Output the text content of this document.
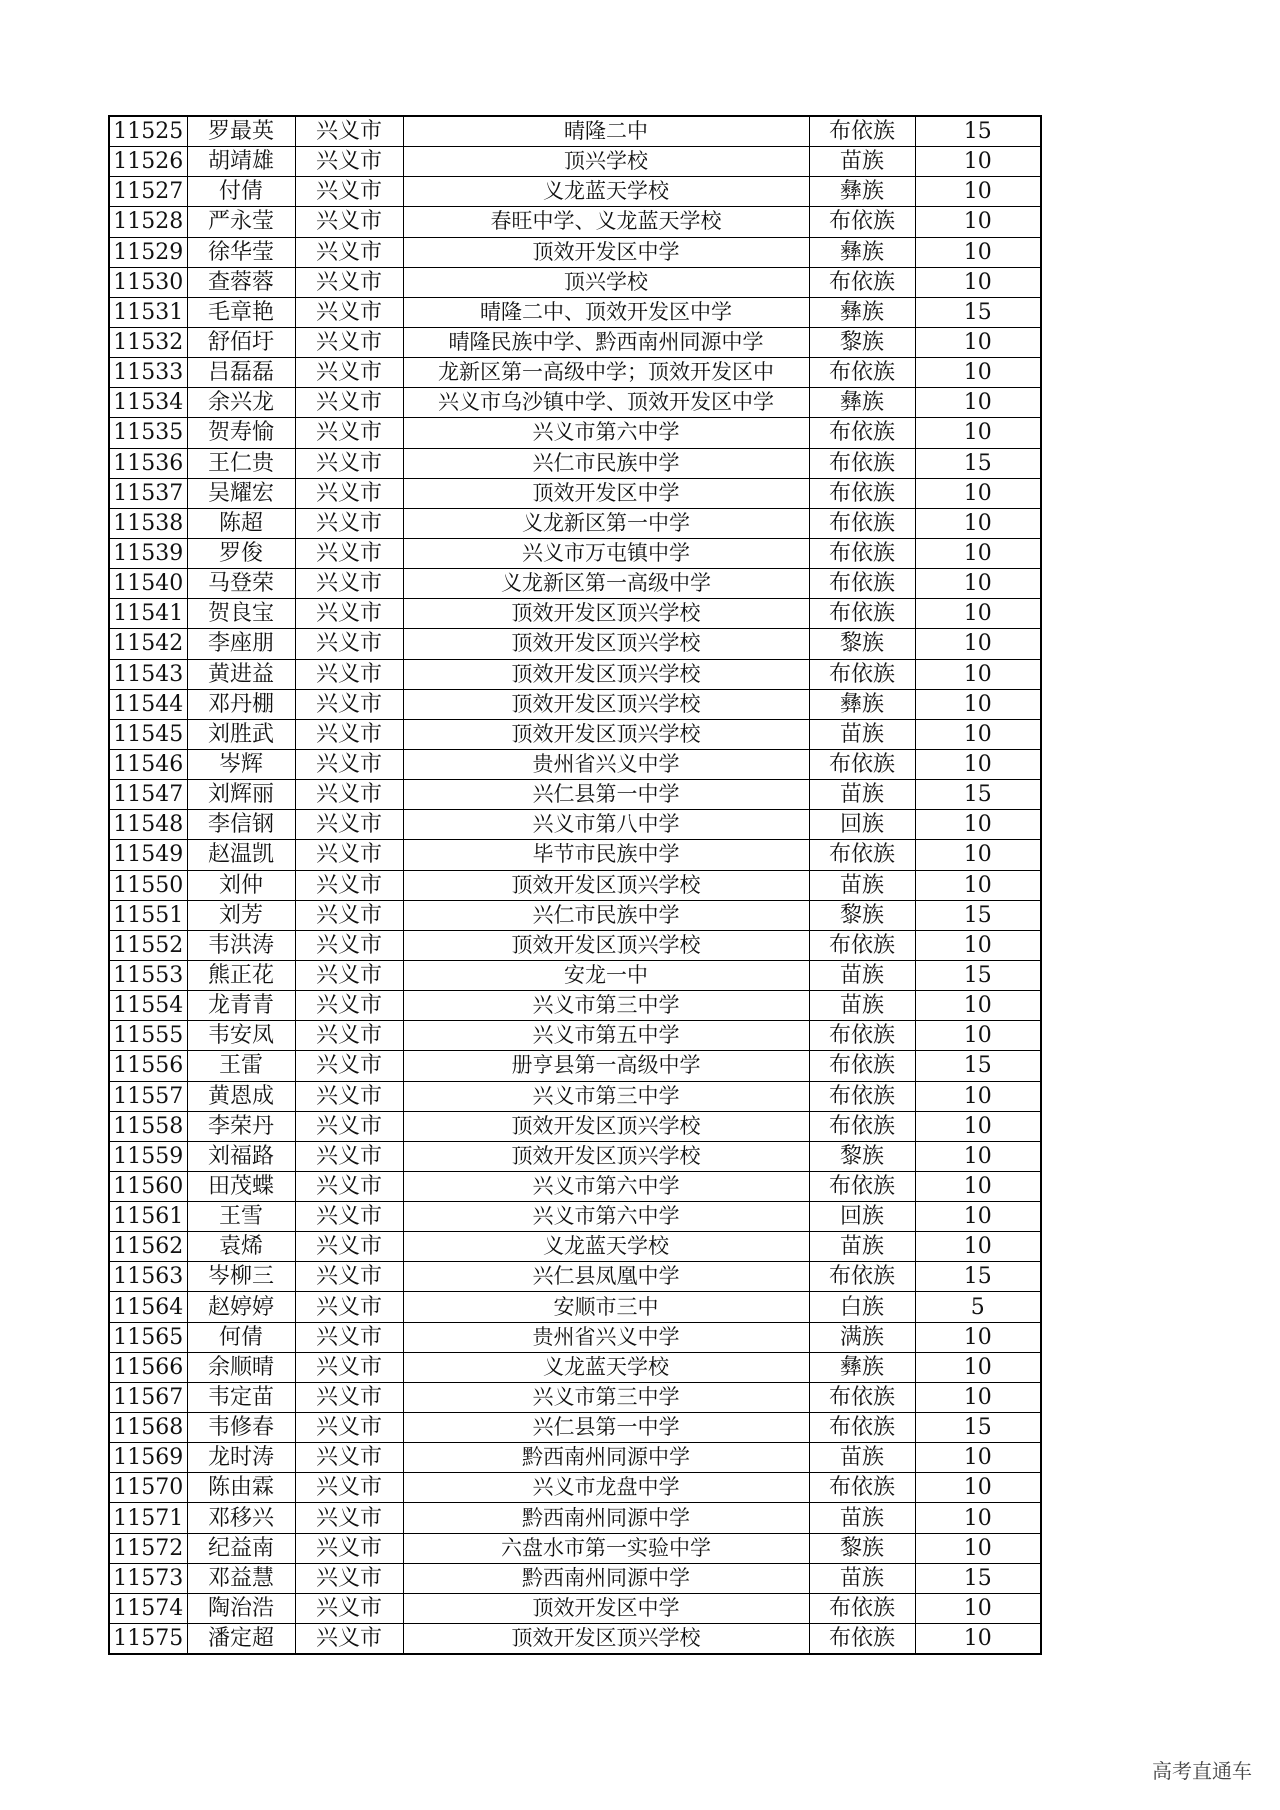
11525	罗最英	兴义市	晴隆二中	布依族	15
11526	胡靖雄	兴义市	顶兴学校	苗族	10
11527	付倩	兴义市	义龙蓝天学校	彝族	10
11528	严永莹	兴义市	春旺中学、义龙蓝天学校	布依族	10
11529	徐华莹	兴义市	顶效开发区中学	彝族	10
11530	查蓉蓉	兴义市	顶兴学校	布依族	10
11531	毛章艳	兴义市	晴隆二中、顶效开发区中学	彝族	15
11532	舒佰圩	兴义市	晴隆民族中学、黔西南州同源中学	黎族	10
11533	吕磊磊	兴义市	龙新区第一高级中学；顶效开发区中	布依族	10
11534	余兴龙	兴义市	兴义市乌沙镇中学、顶效开发区中学	彝族	10
11535	贺寿愉	兴义市	兴义市第六中学	布依族	10
11536	王仁贵	兴义市	兴仁市民族中学	布依族	15
11537	吴耀宏	兴义市	顶效开发区中学	布依族	10
11538	陈超	兴义市	义龙新区第一中学	布依族	10
11539	罗俊	兴义市	兴义市万屯镇中学	布依族	10
11540	马登荣	兴义市	义龙新区第一高级中学	布依族	10
11541	贺良宝	兴义市	顶效开发区顶兴学校	布依族	10
11542	李座朋	兴义市	顶效开发区顶兴学校	黎族	10
11543	黄进益	兴义市	顶效开发区顶兴学校	布依族	10
11544	邓丹棚	兴义市	顶效开发区顶兴学校	彝族	10
11545	刘胜武	兴义市	顶效开发区顶兴学校	苗族	10
11546	岑辉	兴义市	贵州省兴义中学	布依族	10
11547	刘辉丽	兴义市	兴仁县第一中学	苗族	15
11548	李信钢	兴义市	兴义市第八中学	回族	10
11549	赵温凯	兴义市	毕节市民族中学	布依族	10
11550	刘仲	兴义市	顶效开发区顶兴学校	苗族	10
11551	刘芳	兴义市	兴仁市民族中学	黎族	15
11552	韦洪涛	兴义市	顶效开发区顶兴学校	布依族	10
11553	熊正花	兴义市	安龙一中	苗族	15
11554	龙青青	兴义市	兴义市第三中学	苗族	10
11555	韦安凤	兴义市	兴义市第五中学	布依族	10
11556	王雷	兴义市	册亨县第一高级中学	布依族	15
11557	黄恩成	兴义市	兴义市第三中学	布依族	10
11558	李荣丹	兴义市	顶效开发区顶兴学校	布依族	10
11559	刘福路	兴义市	顶效开发区顶兴学校	黎族	10
11560	田茂蝶	兴义市	兴义市第六中学	布依族	10
11561	王雪	兴义市	兴义市第六中学	回族	10
11562	袁烯	兴义市	义龙蓝天学校	苗族	10
11563	岑柳三	兴义市	兴仁县凤凰中学	布依族	15
11564	赵婷婷	兴义市	安顺市三中	白族	5
11565	何倩	兴义市	贵州省兴义中学	满族	10
11566	余顺晴	兴义市	义龙蓝天学校	彝族	10
11567	韦定苗	兴义市	兴义市第三中学	布依族	10
11568	韦修春	兴义市	兴仁县第一中学	布依族	15
11569	龙时涛	兴义市	黔西南州同源中学	苗族	10
11570	陈由霖	兴义市	兴义市龙盘中学	布依族	10
11571	邓移兴	兴义市	黔西南州同源中学	苗族	10
11572	纪益南	兴义市	六盘水市第一实验中学	黎族	10
11573	邓益慧	兴义市	黔西南州同源中学	苗族	15
11574	陶治浩	兴义市	顶效开发区中学	布依族	10
11575	潘定超	兴义市	顶效开发区顶兴学校	布依族	10
高考直通车
